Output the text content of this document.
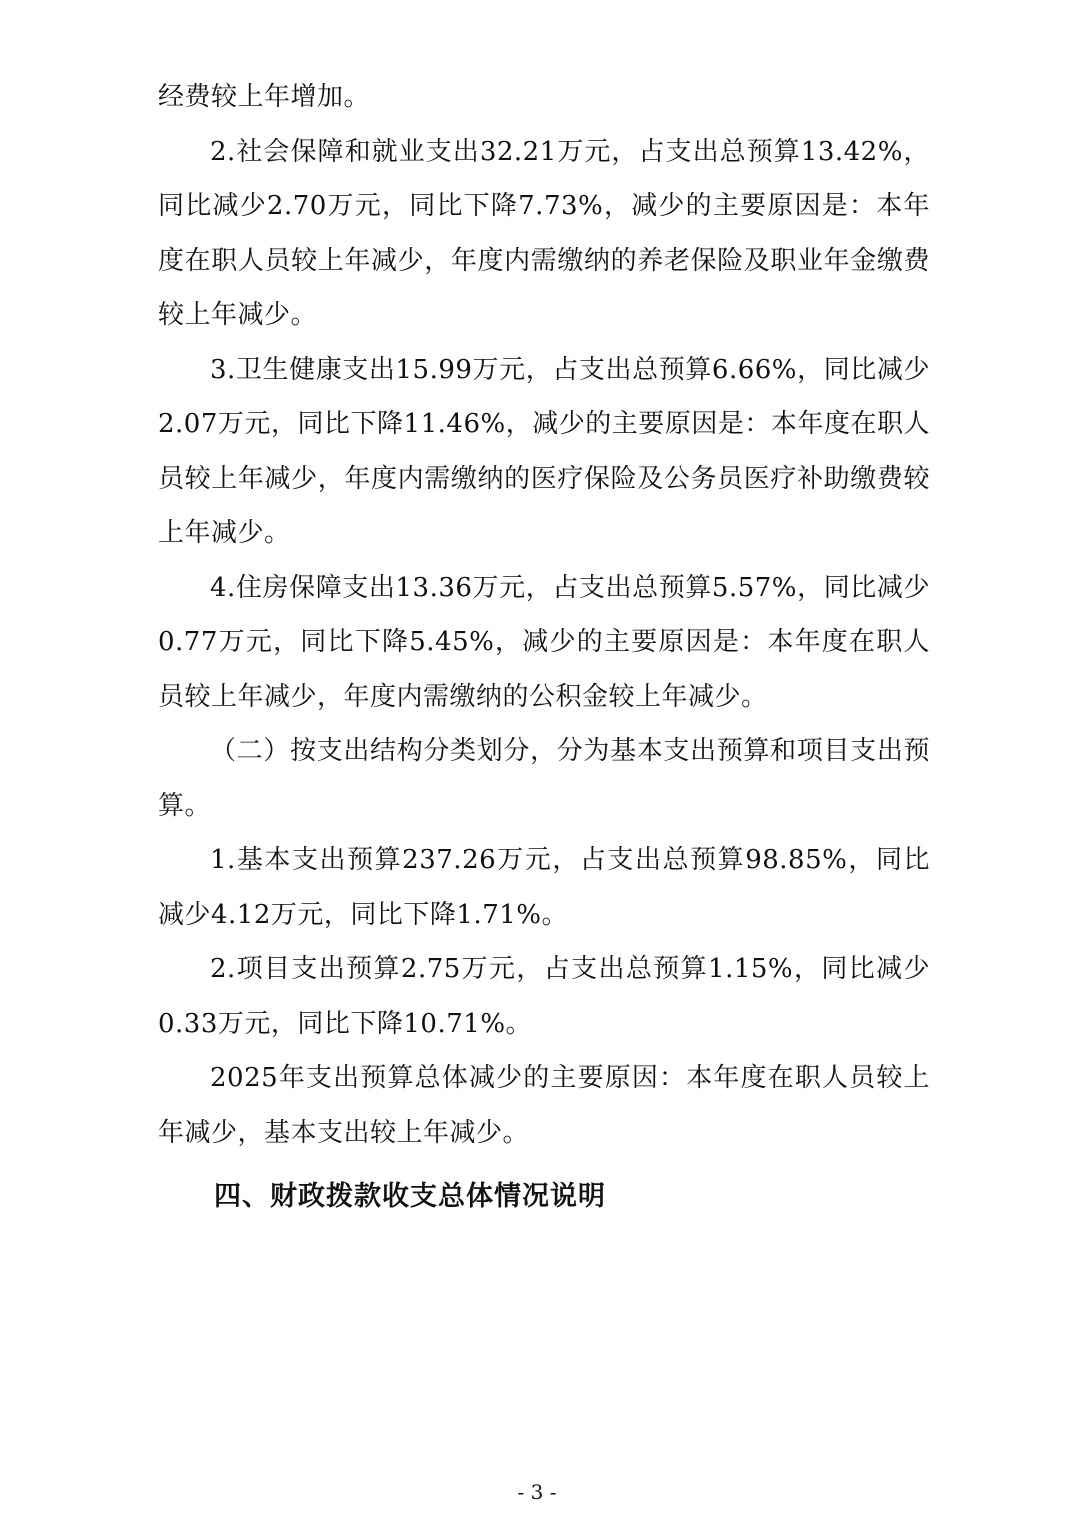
经费较上年增加。

2.社会保障和就业支出32.21万元，占支出总预算13.42%，同比减少2.70万元，同比下降7.73%，减少的主要原因是：本年度在职人员较上年减少，年度内需缴纳的养老保险及职业年金缴费较上年减少。

3.卫生健康支出15.99万元，占支出总预算6.66%，同比减少2.07万元，同比下降11.46%，减少的主要原因是：本年度在职人员较上年减少，年度内需缴纳的医疗保险及公务员医疗补助缴费较上年减少。

4.住房保障支出13.36万元，占支出总预算5.57%，同比减少0.77万元，同比下降5.45%，减少的主要原因是：本年度在职人员较上年减少，年度内需缴纳的公积金较上年减少。

（二）按支出结构分类划分，分为基本支出预算和项目支出预算。

1.基本支出预算237.26万元，占支出总预算98.85%，同比减少4.12万元，同比下降1.71%。

2.项目支出预算2.75万元，占支出总预算1.15%，同比减少0.33万元，同比下降10.71%。

2025年支出预算总体减少的主要原因：本年度在职人员较上年减少，基本支出较上年减少。

四、财政拨款收支总体情况说明
- 3 -
